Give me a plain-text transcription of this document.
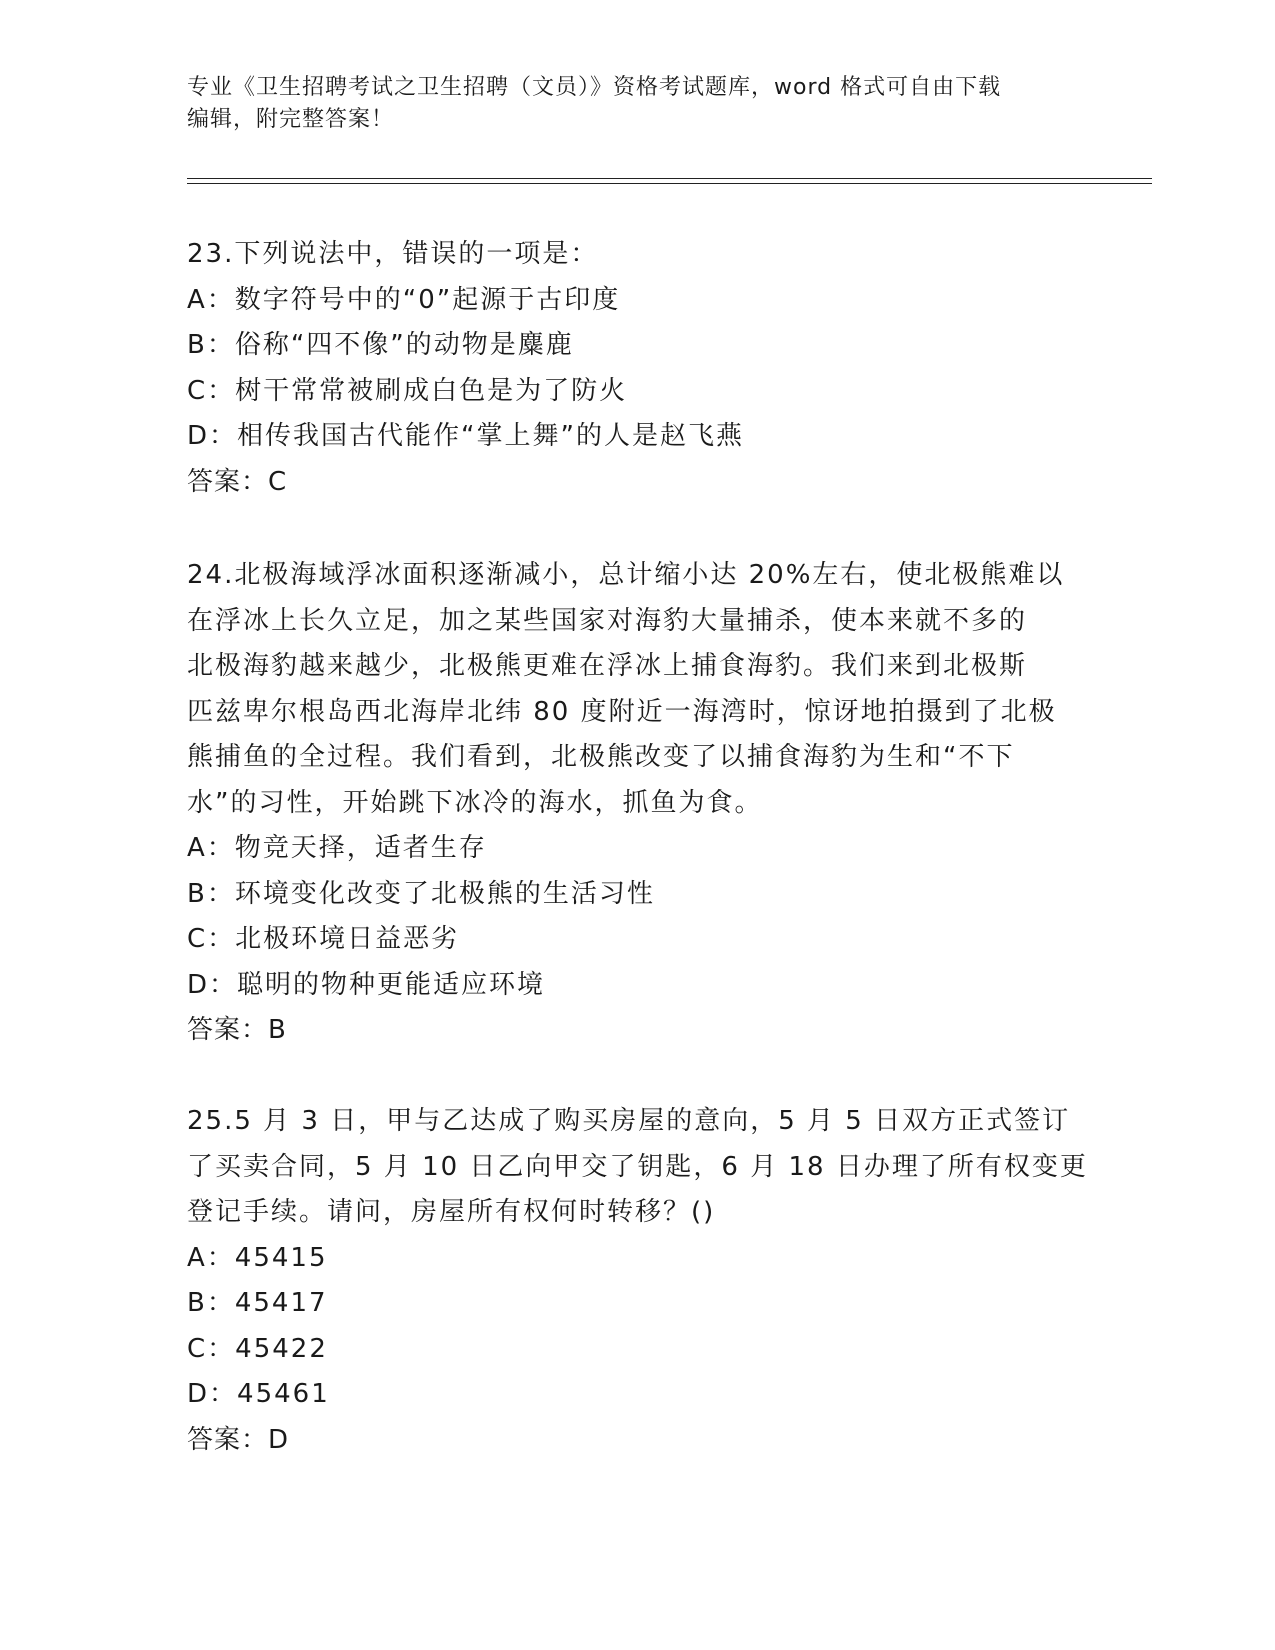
专业《卫生招聘考试之卫生招聘（文员）》资格考试题库，word 格式可自由下载
编辑，附完整答案！
23.下列说法中，错误的一项是：
A：数字符号中的“0”起源于古印度
B：俗称“四不像”的动物是麋鹿
C：树干常常被刷成白色是为了防火
D：相传我国古代能作“掌上舞”的人是赵飞燕
答案：C
24.北极海域浮冰面积逐渐减小，总计缩小达 20%左右，使北极熊难以
在浮冰上长久立足，加之某些国家对海豹大量捕杀，使本来就不多的
北极海豹越来越少，北极熊更难在浮冰上捕食海豹。我们来到北极斯
匹兹卑尔根岛西北海岸北纬 80 度附近一海湾时，惊讶地拍摄到了北极
熊捕鱼的全过程。我们看到，北极熊改变了以捕食海豹为生和“不下
水”的习性，开始跳下冰冷的海水，抓鱼为食。
A：物竞天择，适者生存
B：环境变化改变了北极熊的生活习性
C：北极环境日益恶劣
D：聪明的物种更能适应环境
答案：B
25.5 月 3 日，甲与乙达成了购买房屋的意向，5 月 5 日双方正式签订
了买卖合同，5 月 10 日乙向甲交了钥匙，6 月 18 日办理了所有权变更
登记手续。请问，房屋所有权何时转移？()
A：45415
B：45417
C：45422
D：45461
答案：D
